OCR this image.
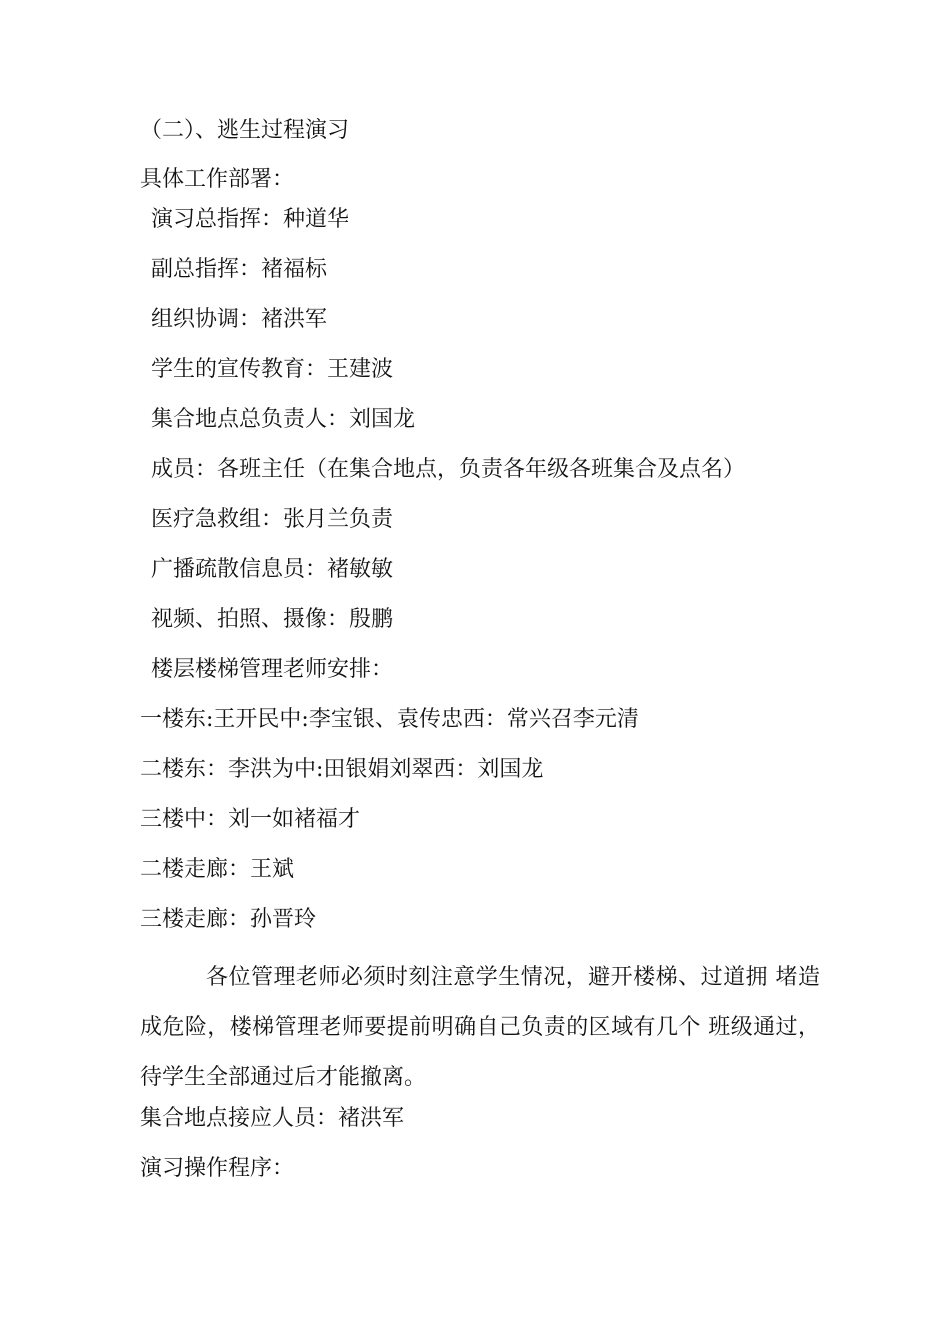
（二）、逃生过程演习
具体工作部署：
演习总指挥：种道华
副总指挥：褚福标
组织协调：褚洪军
学生的宣传教育：王建波
集合地点总负责人：刘国龙
成员：各班主任（在集合地点，负责各年级各班集合及点名）
医疗急救组：张月兰负责
广播疏散信息员：褚敏敏
视频、拍照、摄像：殷鹏
楼层楼梯管理老师安排：
一楼东:王开民中:李宝银、袁传忠西：常兴召李元清
二楼东：李洪为中:田银娟刘翠西：刘国龙
三楼中：刘一如褚福才
二楼走廊：王斌
三楼走廊：孙晋玲
各位管理老师必须时刻注意学生情况，避开楼梯、过道拥 堵造成危险，楼梯管理老师要提前明确自己负责的区域有几个 班级通过，待学生全部通过后才能撤离。
集合地点接应人员：褚洪军
演习操作程序：
